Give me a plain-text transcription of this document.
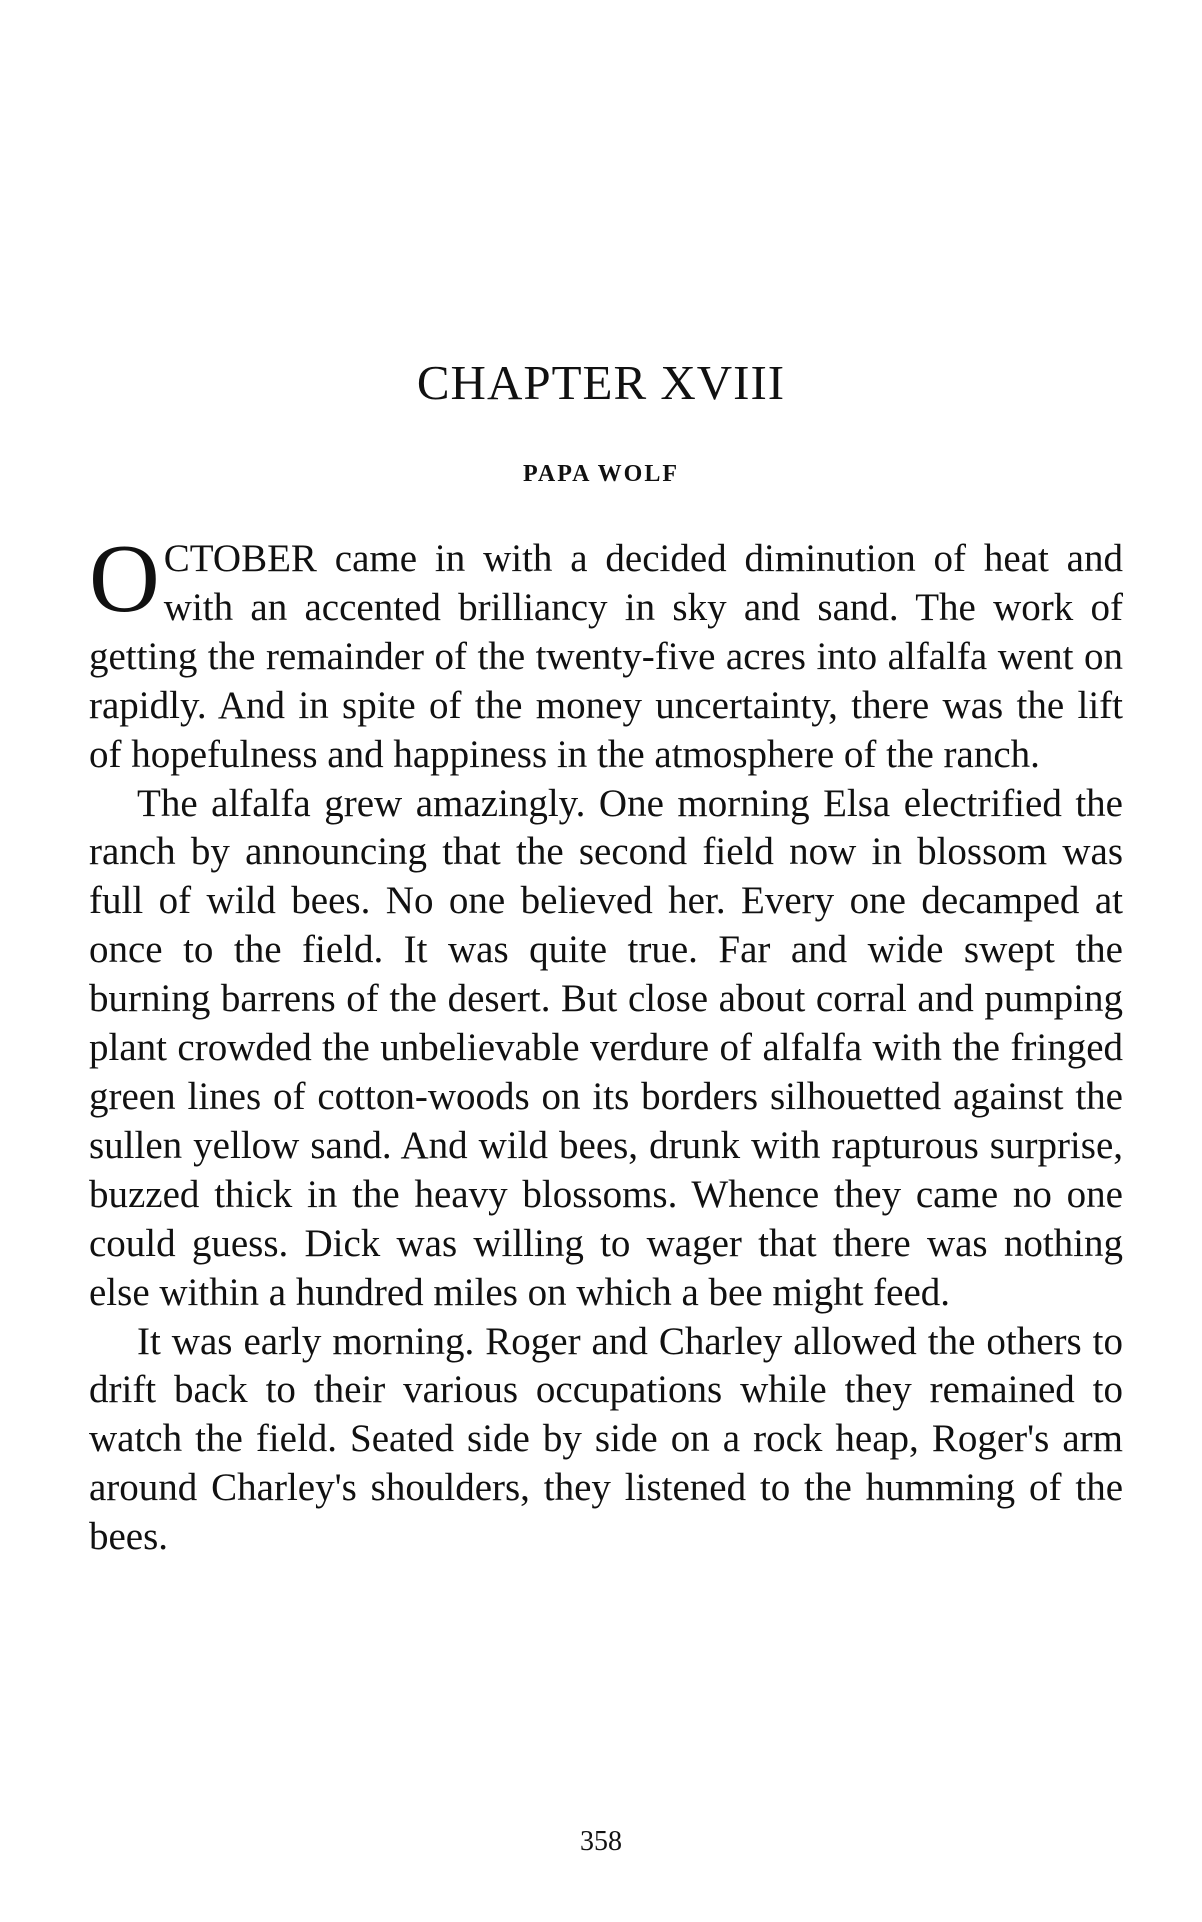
CHAPTER XVIII
PAPA WOLF

OCTOBER came in with a decided diminution of heat and with an accented brilliancy in sky and sand. The work of getting the remainder of the twenty-five acres into alfalfa went on rapidly. And in spite of the money uncertainty, there was the lift of hopefulness and happiness in the atmosphere of the ranch.

The alfalfa grew amazingly. One morning Elsa electrified the ranch by announcing that the second field now in blossom was full of wild bees. No one believed her. Every one decamped at once to the field. It was quite true. Far and wide swept the burning barrens of the desert. But close about corral and pumping plant crowded the unbelievable verdure of alfalfa with the fringed green lines of cotton-woods on its borders silhouetted against the sullen yellow sand. And wild bees, drunk with rapturous surprise, buzzed thick in the heavy blossoms. Whence they came no one could guess. Dick was willing to wager that there was nothing else within a hundred miles on which a bee might feed.

It was early morning. Roger and Charley allowed the others to drift back to their various occupations while they remained to watch the field. Seated side by side on a rock heap, Roger's arm around Charley's shoulders, they listened to the humming of the bees.

358
